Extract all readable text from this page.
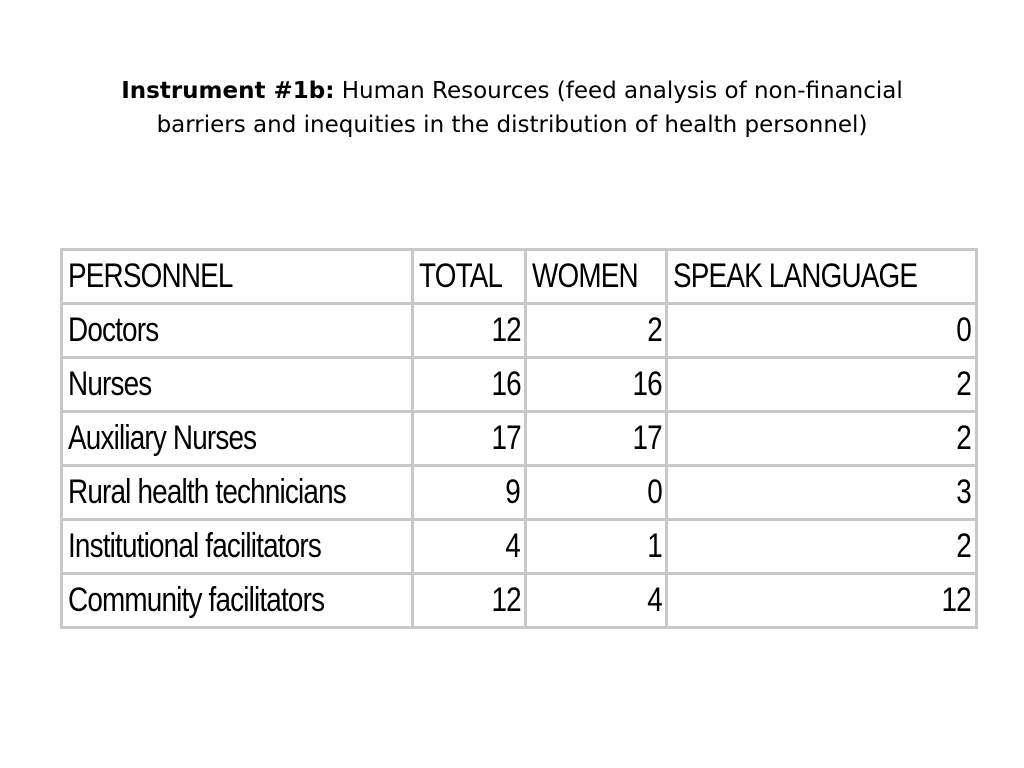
Instrument #1b: Human Resources (feed analysis of non-financial barriers and inequities in the distribution of health personnel)
PERSONNEL	TOTAL	WOMEN	SPEAK LANGUAGE
Doctors	12	2	0
Nurses	16	16	2
Auxiliary Nurses	17	17	2
Rural health technicians	9	0	3
Institutional facilitators	4	1	2
Community facilitators	12	4	12
